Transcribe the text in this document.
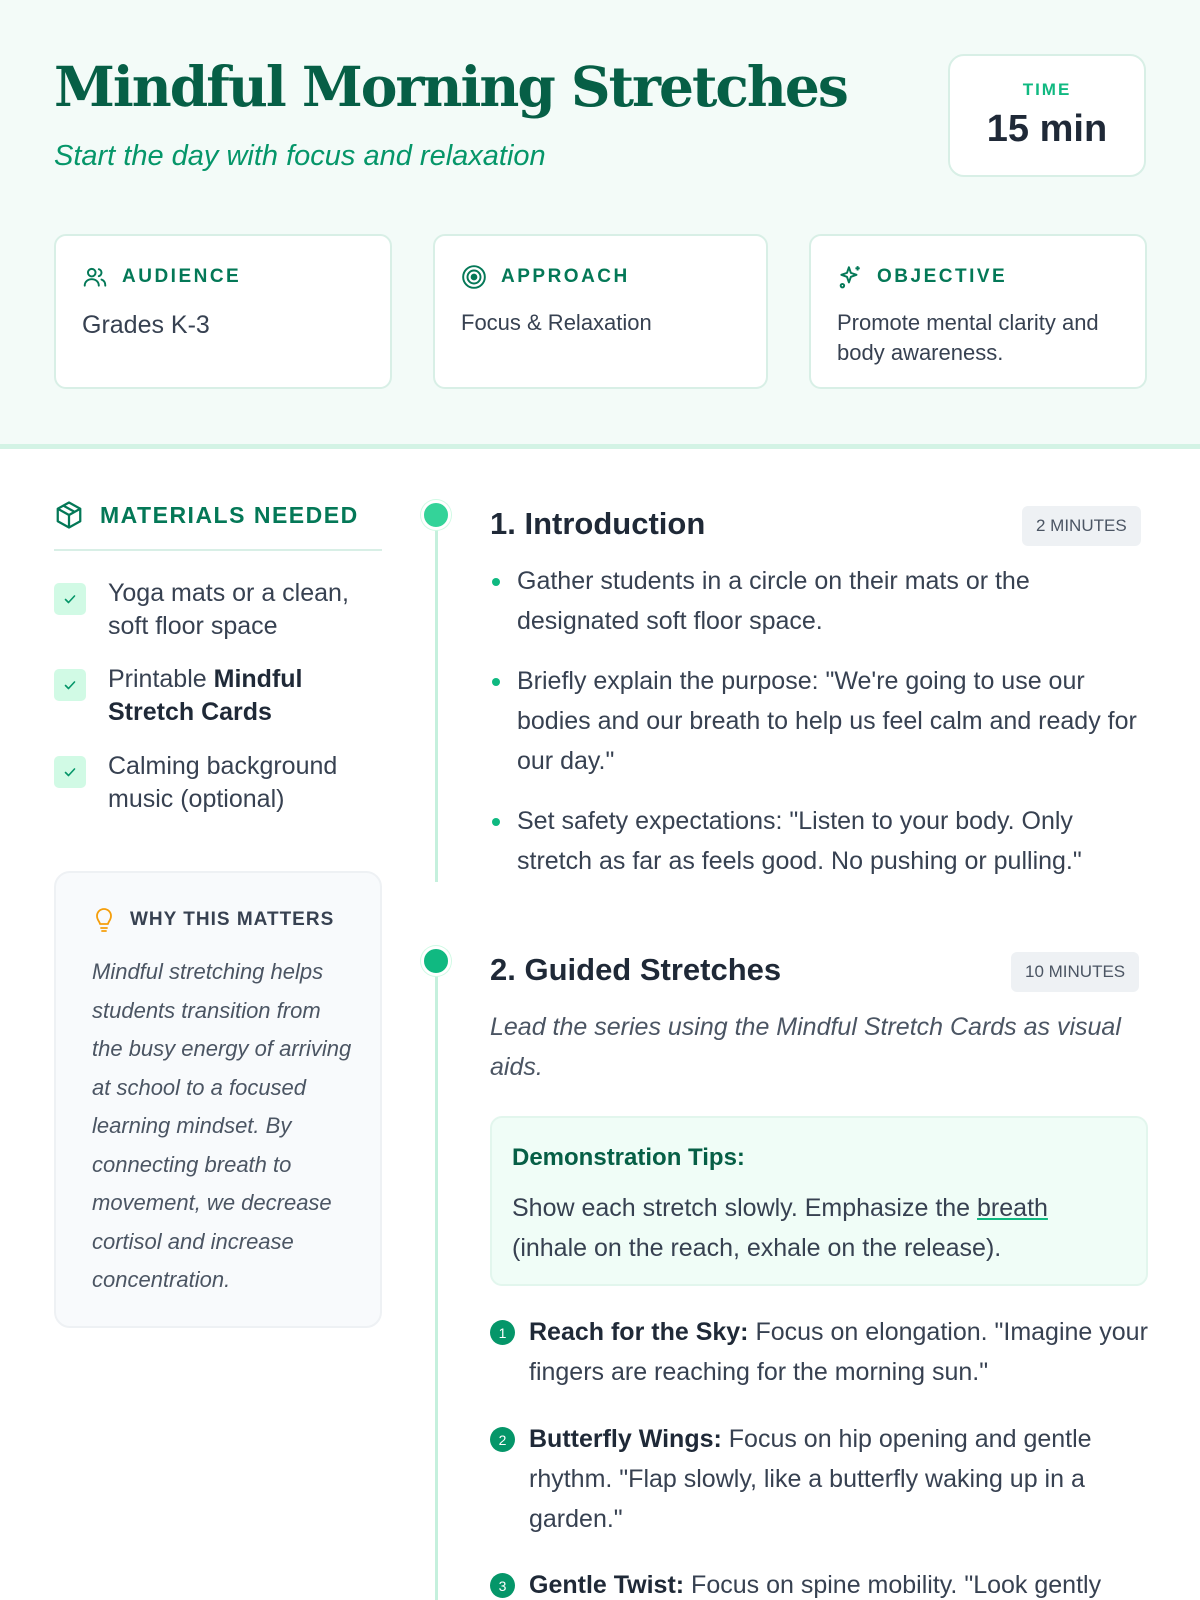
Mindful Morning Stretches
Start the day with focus and relaxation
TIME
15 min
AUDIENCE
Grades K-3
APPROACH
Focus & Relaxation
OBJECTIVE
Promote mental clarity and body awareness.
MATERIALS NEEDED
Yoga mats or a clean, soft floor space
Printable Mindful Stretch Cards
Calming background music (optional)
WHY THIS MATTERS
Mindful stretching helps students transition from the busy energy of arriving at school to a focused learning mindset. By connecting breath to movement, we decrease cortisol and increase concentration.
1. Introduction	2 MINUTES
Gather students in a circle on their mats or the designated soft floor space.
Briefly explain the purpose: "We're going to use our bodies and our breath to help us feel calm and ready for our day."
Set safety expectations: "Listen to your body. Only stretch as far as feels good. No pushing or pulling."
2. Guided Stretches	10 MINUTES
Lead the series using the Mindful Stretch Cards as visual aids.
Demonstration Tips:
Show each stretch slowly. Emphasize the breath (inhale on the reach, exhale on the release).
1 Reach for the Sky: Focus on elongation. "Imagine your fingers are reaching for the morning sun."
2 Butterfly Wings: Focus on hip opening and gentle rhythm. "Flap slowly, like a butterfly waking up in a garden."
3 Gentle Twist: Focus on spine mobility. "Look gently
